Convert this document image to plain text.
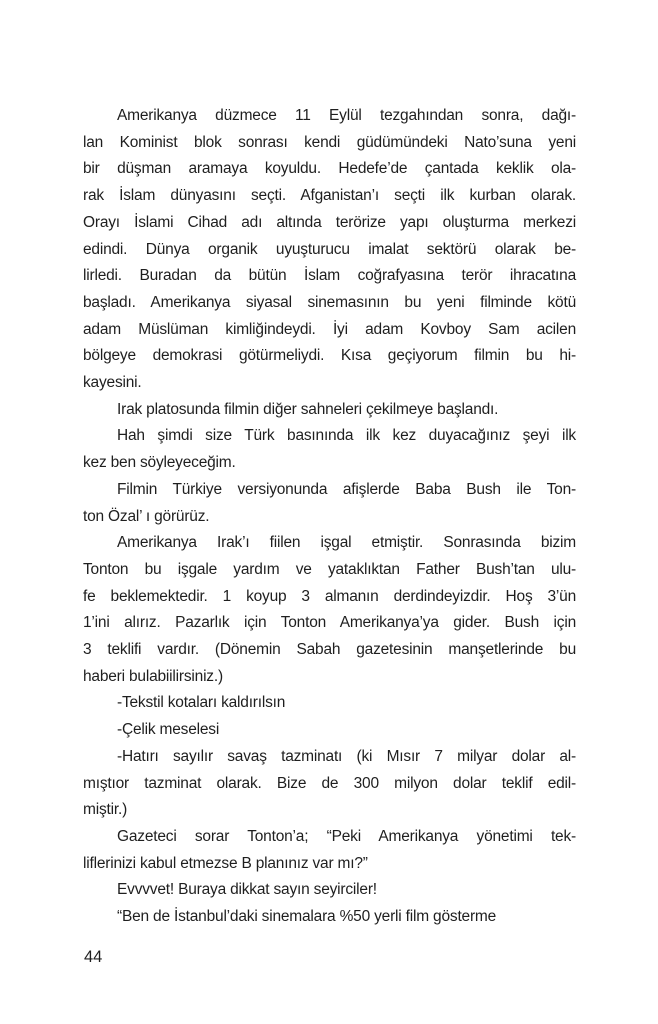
Amerikanya düzmece 11 Eylül tezgahından sonra, dağı-
lan Kominist blok sonrası kendi güdümündeki Nato’suna yeni
bir düşman aramaya koyuldu. Hedefe’de çantada keklik ola-
rak İslam dünyasını seçti. Afganistan’ı seçti ilk kurban olarak.
Orayı İslami Cihad adı altında terörize yapı oluşturma merkezi
edindi. Dünya organik uyuşturucu imalat sektörü olarak be-
lirledi. Buradan da bütün İslam coğrafyasına terör ihracatına
başladı. Amerikanya siyasal sinemasının bu yeni filminde kötü
adam Müslüman kimliğindeydi. İyi adam Kovboy Sam acilen
bölgeye demokrasi götürmeliydi. Kısa geçiyorum filmin bu hi-
kayesini.
Irak platosunda filmin diğer sahneleri çekilmeye başlandı.
Hah şimdi size Türk basınında ilk kez duyacağınız şeyi ilk
kez ben söyleyeceğim.
Filmin Türkiye versiyonunda afişlerde Baba Bush ile Ton-
ton Özal’ ı görürüz.
Amerikanya Irak’ı fiilen işgal etmiştir. Sonrasında bizim
Tonton bu işgale yardım ve yataklıktan Father Bush’tan ulu-
fe beklemektedir. 1 koyup 3 almanın derdindeyizdir. Hoş 3’ün
1’ini alırız. Pazarlık için Tonton Amerikanya’ya gider. Bush için
3 teklifi vardır. (Dönemin Sabah gazetesinin manşetlerinde bu
haberi bulabiilirsiniz.)
-Tekstil kotaları kaldırılsın
-Çelik meselesi
-Hatırı sayılır savaş tazminatı (ki Mısır 7 milyar dolar al-
mıştıor tazminat olarak. Bize de 300 milyon dolar teklif edil-
miştir.)
Gazeteci sorar Tonton’a; “Peki Amerikanya yönetimi tek-
liflerinizi kabul etmezse B planınız var mı?”
Evvvvet! Buraya dikkat sayın seyirciler!
“Ben de İstanbul’daki sinemalara %50 yerli film gösterme
44
